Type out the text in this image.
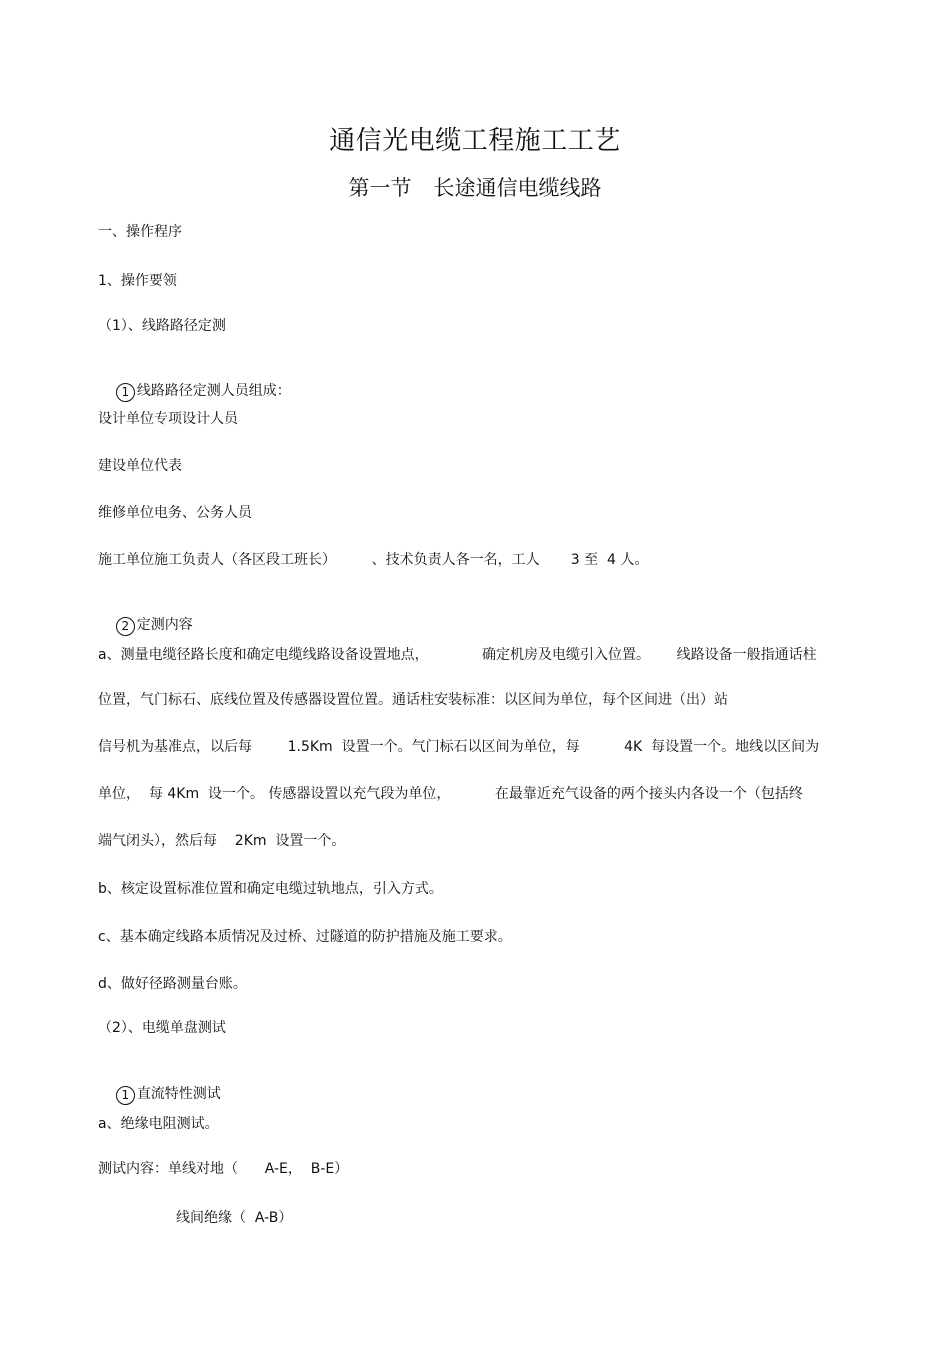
通信光电缆工程施工工艺
第一节 长途通信电缆线路
一、操作程序
1、操作要领
（1）、线路路径定测

1 线路路径定测人员组成：

设计单位专项设计人员
建设单位代表
维修单位电务、公务人员
施工单位施工负责人（各区段工班长）        、技术负责人各一名，工人       3 至  4 人。

2 定测内容

a、测量电缆径路长度和确定电缆线路设备设置地点，            确定机房及电缆引入位置。      线路设备一般指通话柱
位置，气门标石、底线位置及传感器设置位置。通话柱安装标准：以区间为单位，每个区间进（出）站
信号机为基准点，以后每        1.5Km  设置一个。气门标石以区间为单位，每          4K  每设置一个。地线以区间为
单位，  每 4Km  设一个。 传感器设置以充气段为单位，          在最靠近充气设备的两个接头内各设一个（包括终
端气闭头），然后每    2Km  设置一个。
b、核定设置标准位置和确定电缆过轨地点，引入方式。
c、基本确定线路本质情况及过桥、过隧道的防护措施及施工要求。
d、做好径路测量台账。
（2）、电缆单盘测试

1 直流特性测试

a、绝缘电阻测试。
测试内容：单线对地（      A-E，  B-E）
线间绝缘（  A-B）
